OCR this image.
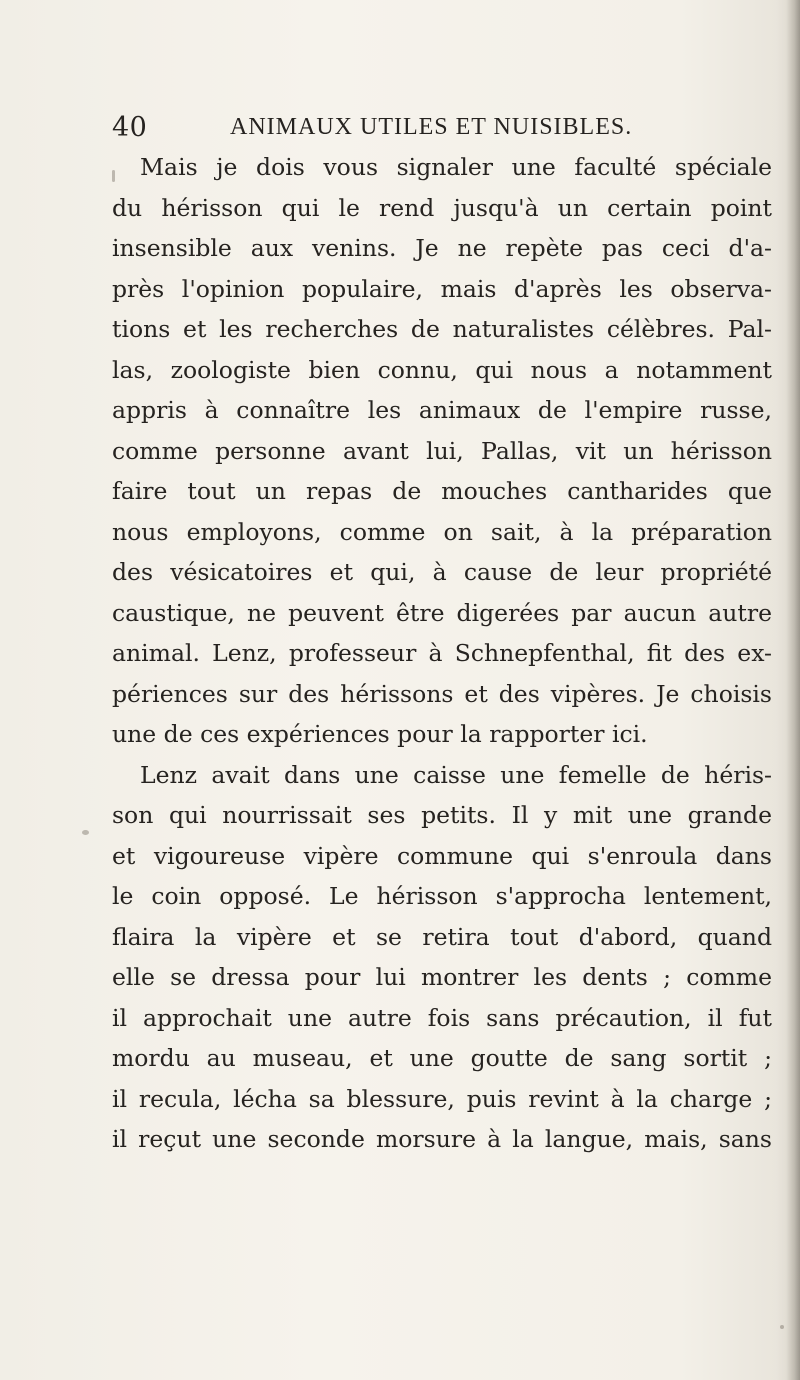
40	ANIMAUX UTILES ET NUISIBLES.
Mais je dois vous signaler une faculté spéciale
du hérisson qui le rend jusqu'à un certain point
insensible aux venins. Je ne repète pas ceci d'a-
près l'opinion populaire, mais d'après les observa-
tions et les recherches de naturalistes célèbres. Pal-
las, zoologiste bien connu, qui nous a notamment
appris à connaître les animaux de l'empire russe,
comme personne avant lui, Pallas, vit un hérisson
faire tout un repas de mouches cantharides que
nous employons, comme on sait, à la préparation
des vésicatoires et qui, à cause de leur propriété
caustique, ne peuvent être digerées par aucun autre
animal. Lenz, professeur à Schnepfenthal, fit des ex-
périences sur des hérissons et des vipères. Je choisis
une de ces expériences pour la rapporter ici.
Lenz avait dans une caisse une femelle de héris-
son qui nourrissait ses petits. Il y mit une grande
et vigoureuse vipère commune qui s'enroula dans
le coin opposé. Le hérisson s'approcha lentement,
flaira la vipère et se retira tout d'abord, quand
elle se dressa pour lui montrer les dents ; comme
il approchait une autre fois sans précaution, il fut
mordu au museau, et une goutte de sang sortit ;
il recula, lécha sa blessure, puis revint à la charge ;
il reçut une seconde morsure à la langue, mais, sans
